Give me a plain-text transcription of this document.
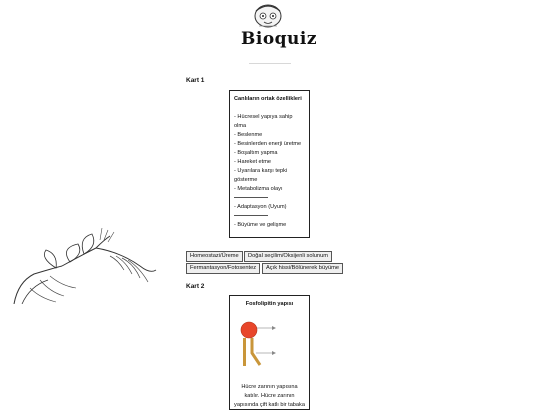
Bioquiz
Kart 1
Canlıların ortak özellikleri
- Hücresel yapıya sahip olma
- Beslenme
- Besinlerden enerji üretme
- Boşaltım yapma
- Hareket etme
- Uyarılara karşı tepki gösterme
- Metabolizma olayı
- Adaptasyon (Uyum)
- Büyüme ve gelişme
Homeostazi/Üreme	Doğal seçilim/Oksijenli solunum
Fermantasyon/Fotosentez	Açık hissi/Bölünerek büyüme
Kart 2
Fosfolipitin yapısı
Hücre zarının yapısına katılır. Hücre zarının yapısında çift katlı bir tabaka
